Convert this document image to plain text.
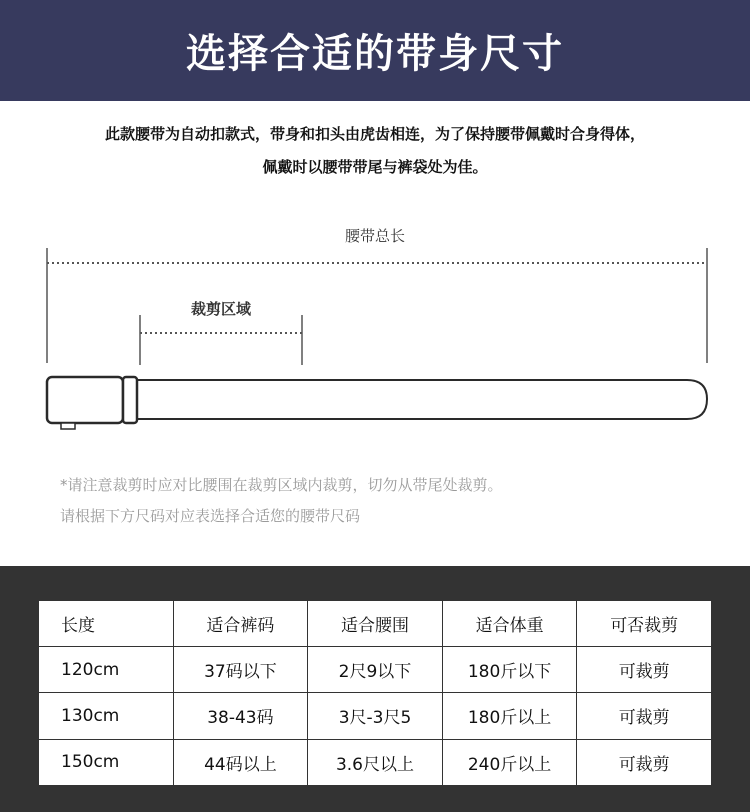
选择合适的带身尺寸
此款腰带为自动扣款式，带身和扣头由虎齿相连，为了保持腰带佩戴时合身得体，
佩戴时以腰带带尾与裤袋处为佳。
腰带总长
裁剪区域
*请注意裁剪时应对比腰围在裁剪区域内裁剪，切勿从带尾处裁剪。
请根据下方尺码对应表选择合适您的腰带尺码
长度	适合裤码	适合腰围	适合体重	可否裁剪
120cm	37码以下	2尺9以下	180斤以下	可裁剪
130cm	38-43码	3尺-3尺5	180斤以上	可裁剪
150cm	44码以上	3.6尺以上	240斤以上	可裁剪
